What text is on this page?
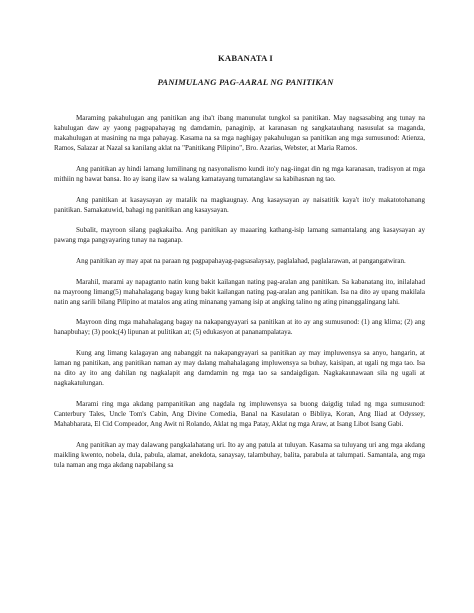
KABANATA I
PANIMULANG PAG-AARAL NG PANITIKAN

Maraming pakahulugan ang panitikan ang iba't ibang manunulat tungkol sa panitikan. May nagsasabing ang tunay na kahulugan daw ay yaong pagpapahayag ng damdamin, panaginip, at karanasan ng sangkatauhang nasusulat sa maganda, makahulugan at masining na mga pahayag. Kasama na sa mga naghigay pakahulugan sa panitikan ang mga sumusunod: Atienza, Ramos, Salazar at Nazal sa kanilang aklat na "Panitikang Pilipino", Bro. Azarias, Webster, at Maria Ramos.

Ang panitikan ay hindi lamang lumilinang ng nasyonalismo kundi ito'y nag-iingat din ng mga karanasan, tradisyon at mga mithiin ng bawat bansa. Ito ay isang ilaw sa walang kamatayang tumatanglaw sa kabihasnan ng tao.

Ang panitikan at kasaysayan ay matalik na magkaugnay. Ang kasaysayan ay naisatitik kaya't ito'y makatotohanang panitikan. Samakatuwid, bahagi ng panitikan ang kasaysayan.

Subalit, mayroon silang pagkakaiba. Ang panitikan ay maaaring kathang-isip lamang samantalang ang kasaysayan ay pawang mga pangyayaring tunay na naganap.

Ang panitikan ay may apat na paraan ng pagpapahayag-pagsasalaysay, paglalahad, paglalarawan, at pangangatwiran.

Marahil, marami ay napagtanto natin kung bakit kailangan nating pag-aralan ang panitikan. Sa kabanatang ito, inilalahad na mayroong limang(5) mahahalagang bagay kung bakit kailangan nating pag-aralan ang panitikan. Isa na dito ay upang makilala natin ang sarili bilang Pilipino at matalos ang ating minanang yamang isip at angking talino ng ating pinanggalingang lahi.

Mayroon ding mga mahahalagang bagay na nakapangyayari sa panitikan at ito ay ang sumusunod: (1) ang klima; (2) ang hanapbuhay; (3) pook;(4) lipunan at pulitikan at; (5) edukasyon at pananampalataya.

Kung ang limang kalagayan ang nabanggit na nakapangyayari sa panitikan ay may impluwensya sa anyo, hangarin, at laman ng panitikan, ang panitikan naman ay may dalang mahahalagang impluwensya sa buhay, kaisipan, at ugali ng mga tao. Isa na dito ay ito ang dahilan ng nagkalapit ang damdamin ng mga tao sa sandaigdigan. Nagkakaunawaan sila ng ugali at nagkakatulungan.

Marami ring mga akdang pampanitikan ang nagdala ng impluwensya sa buong daigdig tulad ng mga sumusunod: Canterbury Tales, Uncle Tom's Cabin, Ang Divine Comedia, Banal na Kasulatan o Bibliya, Koran, Ang Iliad at Odyssey, Mahabharata, El Cid Compeador, Ang Awit ni Rolando, Aklat ng mga Patay, Aklat ng mga Araw, at Isang Libot Isang Gabi.

Ang panitikan ay may dalawang pangkalahatang uri. Ito ay ang patula at tuluyan. Kasama sa tuluyang uri ang mga akdang maikling kwento, nobela, dula, pabula, alamat, anekdota, sanaysay, talambuhay, balita, parabula at talumpati. Samantala, ang mga tula naman ang mga akdang napabilang sa
